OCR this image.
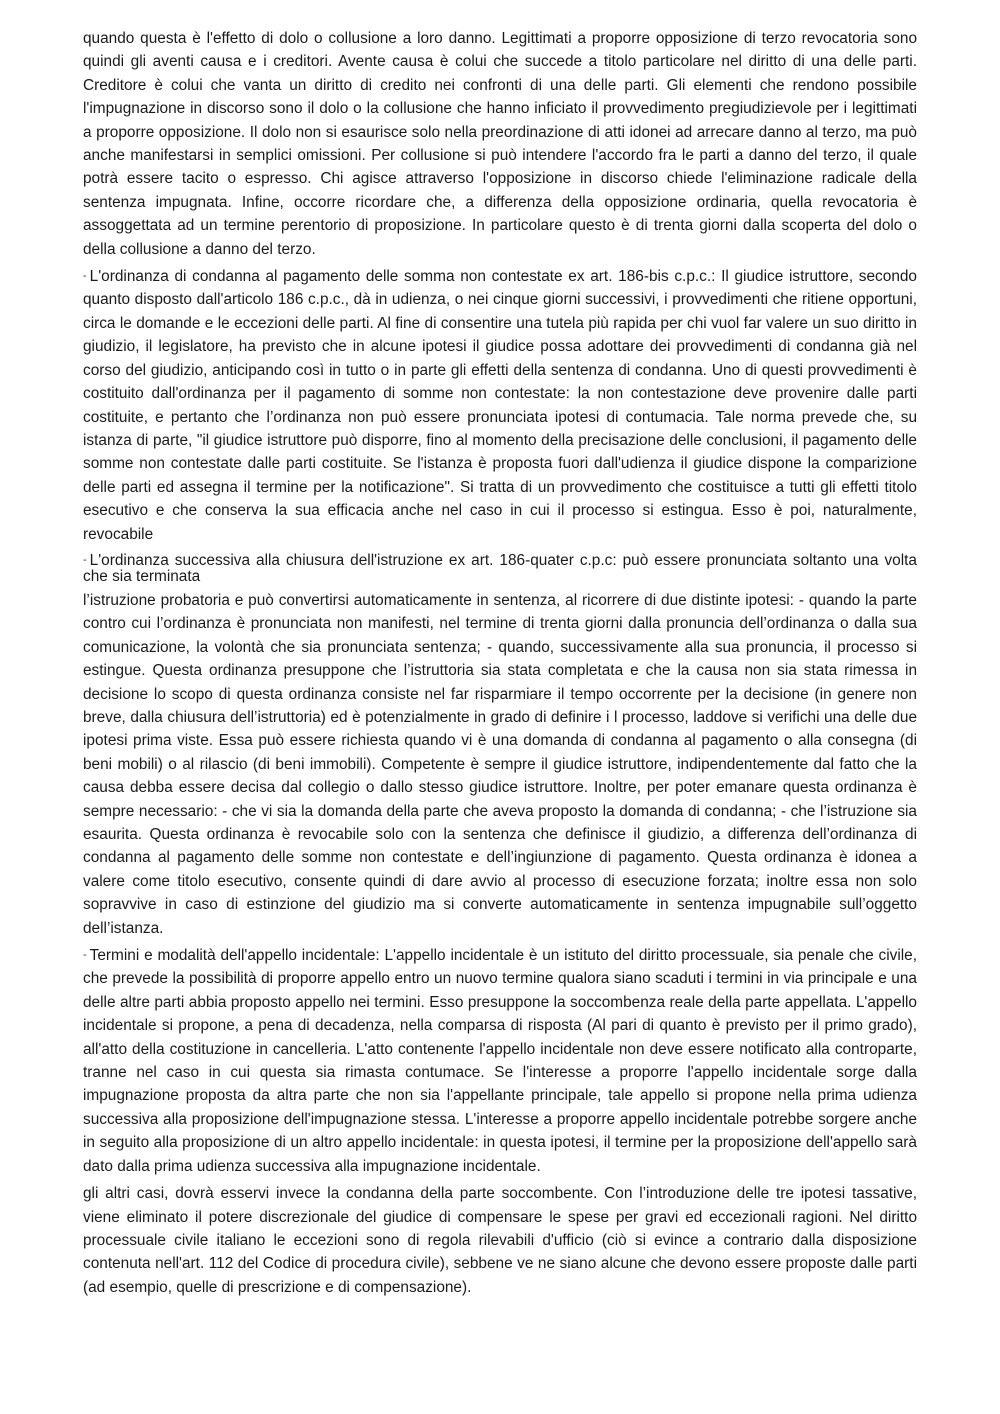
quando questa è l'effetto di dolo o collusione a loro danno. Legittimati a proporre opposizione di terzo revocatoria sono quindi gli aventi causa e i creditori. Avente causa è colui che succede a titolo particolare nel diritto di una delle parti. Creditore è colui che vanta un diritto di credito nei confronti di una delle parti. Gli elementi che rendono possibile l'impugnazione in discorso sono il dolo o la collusione che hanno inficiato il provvedimento pregiudizievole per i legittimati a proporre opposizione. Il dolo non si esaurisce solo nella preordinazione di atti idonei ad arrecare danno al terzo, ma può anche manifestarsi in semplici omissioni. Per collusione si può intendere l'accordo fra le parti a danno del terzo, il quale potrà essere tacito o espresso. Chi agisce attraverso l'opposizione in discorso chiede l'eliminazione radicale della sentenza impugnata. Infine, occorre ricordare che, a differenza della opposizione ordinaria, quella revocatoria è assoggettata ad un termine perentorio di proposizione. In particolare questo è di trenta giorni dalla scoperta del dolo o della collusione a danno del terzo.

- L'ordinanza di condanna al pagamento delle somma non contestate ex art. 186-bis c.p.c.: Il giudice istruttore, secondo quanto disposto dall'articolo 186 c.p.c., dà in udienza, o nei cinque giorni successivi, i provvedimenti che ritiene opportuni, circa le domande e le eccezioni delle parti. Al fine di consentire una tutela più rapida per chi vuol far valere un suo diritto in giudizio, il legislatore, ha previsto che in alcune ipotesi il giudice possa adottare dei provvedimenti di condanna già nel corso del giudizio, anticipando così in tutto o in parte gli effetti della sentenza di condanna. Uno di questi provvedimenti è costituito dall'ordinanza per il pagamento di somme non contestate: la non contestazione deve provenire dalle parti costituite, e pertanto che l’ordinanza non può essere pronunciata ipotesi di contumacia. Tale norma prevede che, su istanza di parte, "il giudice istruttore può disporre, fino al momento della precisazione delle conclusioni, il pagamento delle somme non contestate dalle parti costituite. Se l'istanza è proposta fuori dall'udienza il giudice dispone la comparizione delle parti ed assegna il termine per la notificazione". Si tratta di un provvedimento che costituisce a tutti gli effetti titolo esecutivo e che conserva la sua efficacia anche nel caso in cui il processo si estingua. Esso è poi, naturalmente, revocabile

- L'ordinanza successiva alla chiusura dell'istruzione ex art. 186-quater c.p.c: può essere pronunciata soltanto una volta che sia terminata

l’istruzione probatoria e può convertirsi automaticamente in sentenza, al ricorrere di due distinte ipotesi: - quando la parte contro cui l’ordinanza è pronunciata non manifesti, nel termine di trenta giorni dalla pronuncia dell’ordinanza o dalla sua comunicazione, la volontà che sia pronunciata sentenza; - quando, successivamente alla sua pronuncia, il processo si estingue. Questa ordinanza presuppone che l’istruttoria sia stata completata e che la causa non sia stata rimessa in decisione lo scopo di questa ordinanza consiste nel far risparmiare il tempo occorrente per la decisione (in genere non breve, dalla chiusura dell’istruttoria) ed è potenzialmente in grado di definire i l processo, laddove si verifichi una delle due ipotesi prima viste. Essa può essere richiesta quando vi è una domanda di condanna al pagamento o alla consegna (di beni mobili) o al rilascio (di beni immobili). Competente è sempre il giudice istruttore, indipendentemente dal fatto che la causa debba essere decisa dal collegio o dallo stesso giudice istruttore. Inoltre, per poter emanare questa ordinanza è sempre necessario: - che vi sia la domanda della parte che aveva proposto la domanda di condanna; - che l’istruzione sia esaurita. Questa ordinanza è revocabile solo con la sentenza che definisce il giudizio, a differenza dell’ordinanza di condanna al pagamento delle somme non contestate e dell’ingiunzione di pagamento. Questa ordinanza è idonea a valere come titolo esecutivo, consente quindi di dare avvio al processo di esecuzione forzata; inoltre essa non solo sopravvive in caso di estinzione del giudizio ma si converte automaticamente in sentenza impugnabile sull’oggetto dell’istanza.

- Termini e modalità dell'appello incidentale: L'appello incidentale è un istituto del diritto processuale, sia penale che civile, che prevede la possibilità di proporre appello entro un nuovo termine qualora siano scaduti i termini in via principale e una delle altre parti abbia proposto appello nei termini. Esso presuppone la soccombenza reale della parte appellata. L'appello incidentale si propone, a pena di decadenza, nella comparsa di risposta (Al pari di quanto è previsto per il primo grado), all'atto della costituzione in cancelleria. L'atto contenente l'appello incidentale non deve essere notificato alla controparte, tranne nel caso in cui questa sia rimasta contumace. Se l'interesse a proporre l'appello incidentale sorge dalla impugnazione proposta da altra parte che non sia l'appellante principale, tale appello si propone nella prima udienza successiva alla proposizione dell'impugnazione stessa. L'interesse a proporre appello incidentale potrebbe sorgere anche in seguito alla proposizione di un altro appello incidentale: in questa ipotesi, il termine per la proposizione dell'appello sarà dato dalla prima udienza successiva alla impugnazione incidentale.

gli altri casi, dovrà esservi invece la condanna della parte soccombente. Con l’introduzione delle tre ipotesi tassative, viene eliminato il potere discrezionale del giudice di compensare le spese per gravi ed eccezionali ragioni. Nel diritto processuale civile italiano le eccezioni sono di regola rilevabili d'ufficio (ciò si evince a contrario dalla disposizione contenuta nell'art. 112 del Codice di procedura civile), sebbene ve ne siano alcune che devono essere proposte dalle parti (ad esempio, quelle di prescrizione e di compensazione).
